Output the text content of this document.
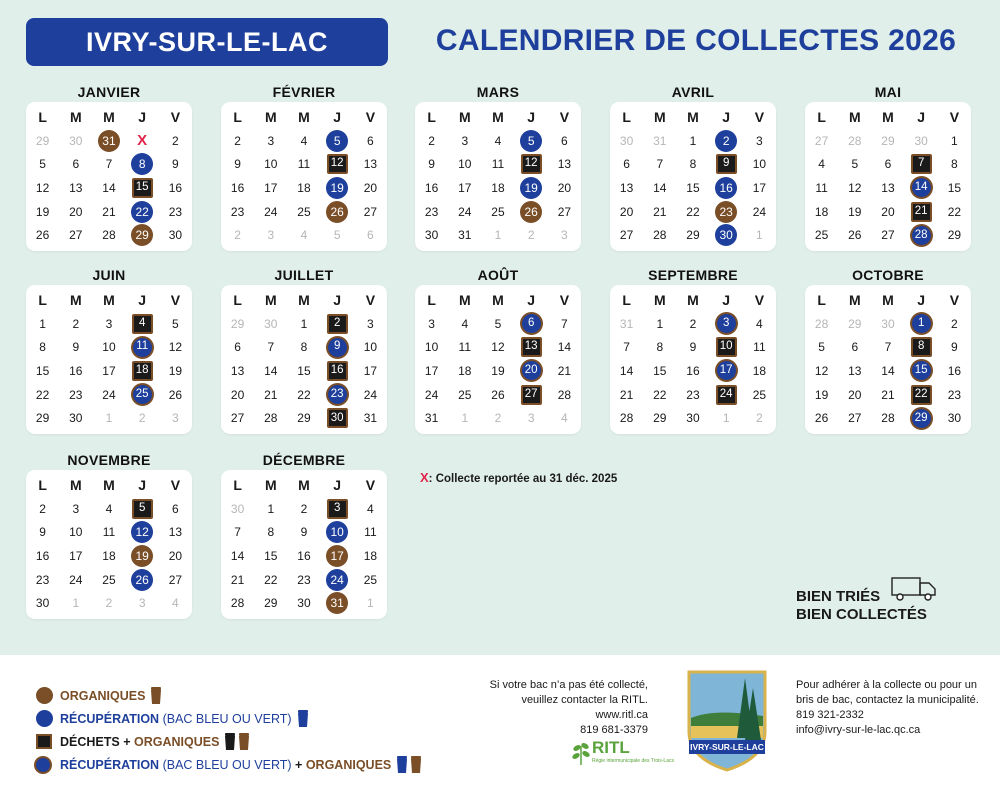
IVRY-SUR-LE-LAC	CALENDRIER DE COLLECTES 2026
JANVIER
L	M	M	J	V
29	30	31	X	2
5	6	7	8	9
12	13	14	15	16
19	20	21	22	23
26	27	28	29	30
FÉVRIER
L	M	M	J	V
2	3	4	5	6
9	10	11	12	13
16	17	18	19	20
23	24	25	26	27
2	3	4	5	6
MARS
L	M	M	J	V
2	3	4	5	6
9	10	11	12	13
16	17	18	19	20
23	24	25	26	27
30	31	1	2	3
AVRIL
L	M	M	J	V
30	31	1	2	3
6	7	8	9	10
13	14	15	16	17
20	21	22	23	24
27	28	29	30	1
MAI
L	M	M	J	V
27	28	29	30	1
4	5	6	7	8
11	12	13	14	15
18	19	20	21	22
25	26	27	28	29
JUIN
L	M	M	J	V
1	2	3	4	5
8	9	10	11	12
15	16	17	18	19
22	23	24	25	26
29	30	1	2	3
JUILLET
L	M	M	J	V
29	30	1	2	3
6	7	8	9	10
13	14	15	16	17
20	21	22	23	24
27	28	29	30	31
AOÛT
L	M	M	J	V
3	4	5	6	7
10	11	12	13	14
17	18	19	20	21
24	25	26	27	28
31	1	2	3	4
SEPTEMBRE
L	M	M	J	V
31	1	2	3	4
7	8	9	10	11
14	15	16	17	18
21	22	23	24	25
28	29	30	1	2
OCTOBRE
L	M	M	J	V
28	29	30	1	2
5	6	7	8	9
12	13	14	15	16
19	20	21	22	23
26	27	28	29	30
NOVEMBRE
L	M	M	J	V
2	3	4	5	6
9	10	11	12	13
16	17	18	19	20
23	24	25	26	27
30	1	2	3	4
DÉCEMBRE
L	M	M	J	V
30	1	2	3	4
7	8	9	10	11
14	15	16	17	18
21	22	23	24	25
28	29	30	31	1
X: Collecte reportée au 31 déc. 2025
BIEN TRIÉS
BIEN COLLECTÉS
ORGANIQUES
RÉCUPÉRATION
(BAC BLEU OU VERT)
DÉCHETS
+
ORGANIQUES
RÉCUPÉRATION
(BAC BLEU OU VERT)
+
ORGANIQUES
Si votre bac n’a pas été collecté,
veuillez contacter la RITL.
www.ritl.ca
819 681-3379
RITL
Régie intermunicipale des Trois-Lacs
IVRY-SUR-LE-LAC
Pour adhérer à la collecte ou pour un
bris de bac, contactez la municipalité.
819 321-2332
info@ivry-sur-le-lac.qc.ca
